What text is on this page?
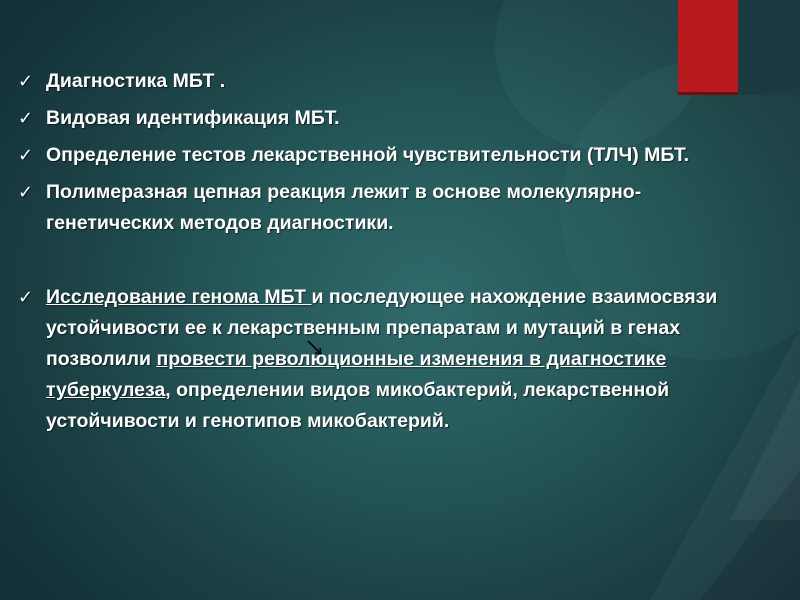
✓ Диагностика МБТ .
✓ Видовая идентификация МБТ.
✓ Определение тестов лекарственной чувствительности (ТЛЧ) МБТ.
✓ Полимеразная цепная реакция лежит в основе молекулярно-генетических методов диагностики.
✓ Исследование генома МБТ и последующее нахождение взаимосвязи устойчивости ее к лекарственным препаратам и мутаций в генах позволили провести революционные изменения в диагностике туберкулеза, определении видов микобактерий, лекарственной устойчивости и генотипов микобактерий.
